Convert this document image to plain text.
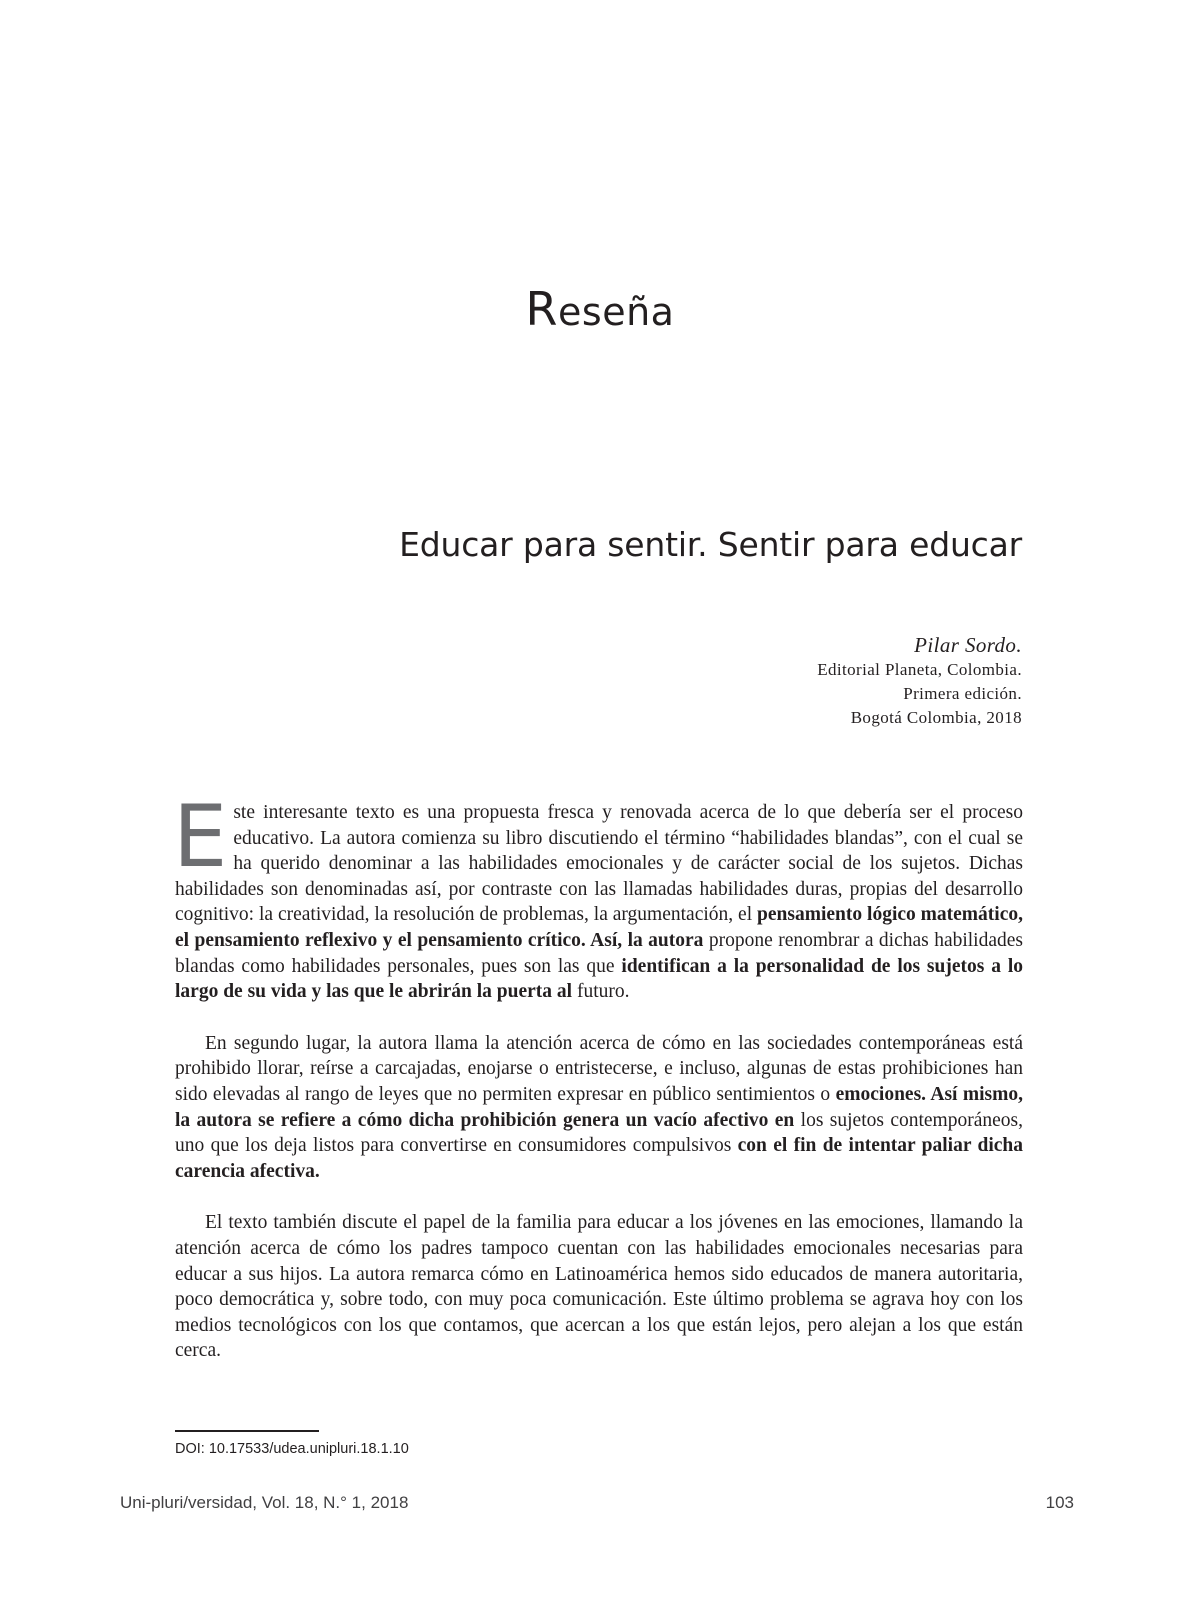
Reseña
Educar para sentir. Sentir para educar
Pilar Sordo.
Editorial Planeta, Colombia.
Primera edición.
Bogotá Colombia, 2018

Este interesante texto es una propuesta fresca y renovada acerca de lo que debería ser el proceso educativo. La autora comienza su libro discutiendo el término “habilidades blandas”, con el cual se ha querido denominar a las habilidades emocionales y de carácter social de los sujetos. Dichas habilidades son denominadas así, por contraste con las llamadas habilidades duras, propias del desarrollo cognitivo: la creatividad, la resolución de problemas, la argumentación, el pensamiento lógico matemático, el pensamiento reflexivo y el pensamiento crítico. Así, la autora propone renombrar a dichas habilidades blandas como habilidades personales, pues son las que identifican a la personalidad de los sujetos a lo largo de su vida y las que le abrirán la puerta al futuro.

En segundo lugar, la autora llama la atención acerca de cómo en las sociedades contemporáneas está prohibido llorar, reírse a carcajadas, enojarse o entristecerse, e incluso, algunas de estas prohibiciones han sido elevadas al rango de leyes que no permiten expresar en público sentimientos o emociones. Así mismo, la autora se refiere a cómo dicha prohibición genera un vacío afectivo en los sujetos contemporáneos, uno que los deja listos para convertirse en consumidores compulsivos con el fin de intentar paliar dicha carencia afectiva.

El texto también discute el papel de la familia para educar a los jóvenes en las emociones, llamando la atención acerca de cómo los padres tampoco cuentan con las habilidades emocionales necesarias para educar a sus hijos. La autora remarca cómo en Latinoamérica hemos sido educados de manera autoritaria, poco democrática y, sobre todo, con muy poca comunicación. Este último problema se agrava hoy con los medios tecnológicos con los que contamos, que acercan a los que están lejos, pero alejan a los que están cerca.

DOI: 10.17533/udea.unipluri.18.1.10
Uni-pluri/versidad, Vol. 18, N.° 1, 2018	103
